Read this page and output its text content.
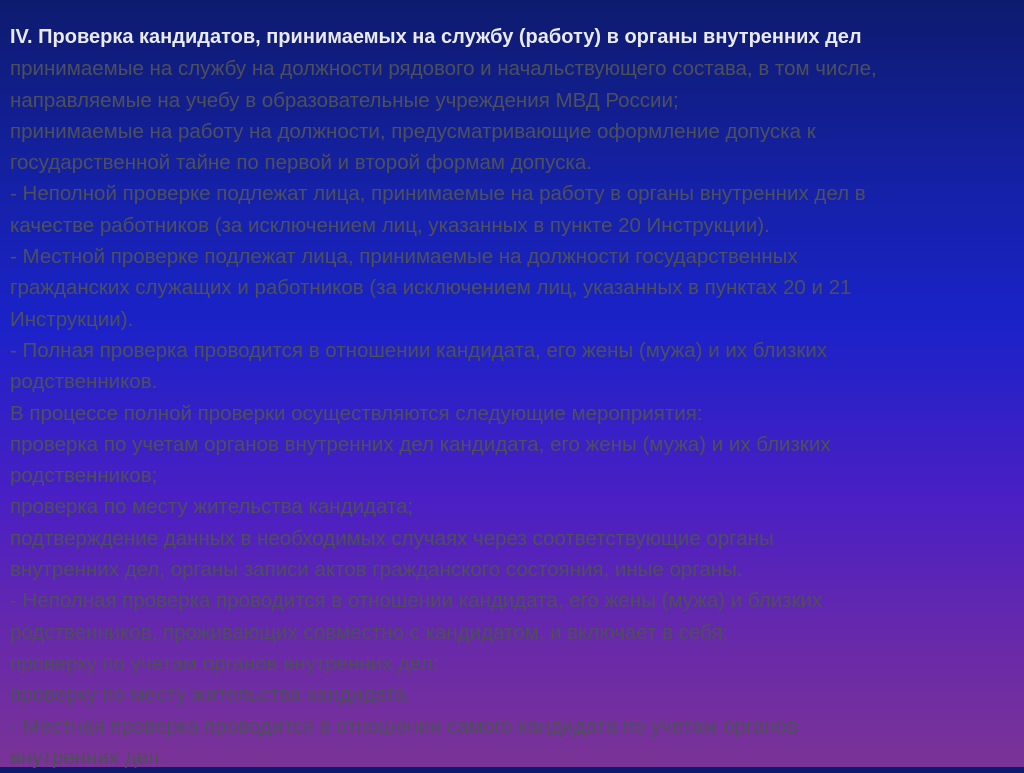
IV. Проверка кандидатов, принимаемых на службу (работу) в органы внутренних дел

принимаемые на службу на должности рядового и начальствующего состава, в том числе,

направляемые на учебу в образовательные учреждения МВД России;

принимаемые на работу на должности, предусматривающие оформление допуска к

государственной тайне по первой и второй формам допуска.

- Неполной проверке подлежат лица, принимаемые на работу в органы внутренних дел в

качестве работников (за исключением лиц, указанных в пункте 20 Инструкции).

- Местной проверке подлежат лица, принимаемые на должности государственных

гражданских служащих и работников (за исключением лиц, указанных в пунктах 20 и 21

Инструкции).

- Полная проверка проводится в отношении кандидата, его жены (мужа) и их близких

родственников.

В процессе полной проверки осуществляются следующие мероприятия:

проверка по учетам органов внутренних дел кандидата, его жены (мужа) и их близких

родственников;

проверка по месту жительства кандидата;

подтверждение данных в необходимых случаях через соответствующие органы

внутренних дел, органы записи актов гражданского состояния, иные органы.

- Неполная проверка проводится в отношении кандидата, его жены (мужа) и близких

родственников, проживающих совместно с кандидатом, и включает в себя:

проверку по учетам органов внутренних дел;

проверку по месту жительства кандидата.

- Местная проверка проводится в отношении самого кандидата по учетам органов

внутренних дел.
